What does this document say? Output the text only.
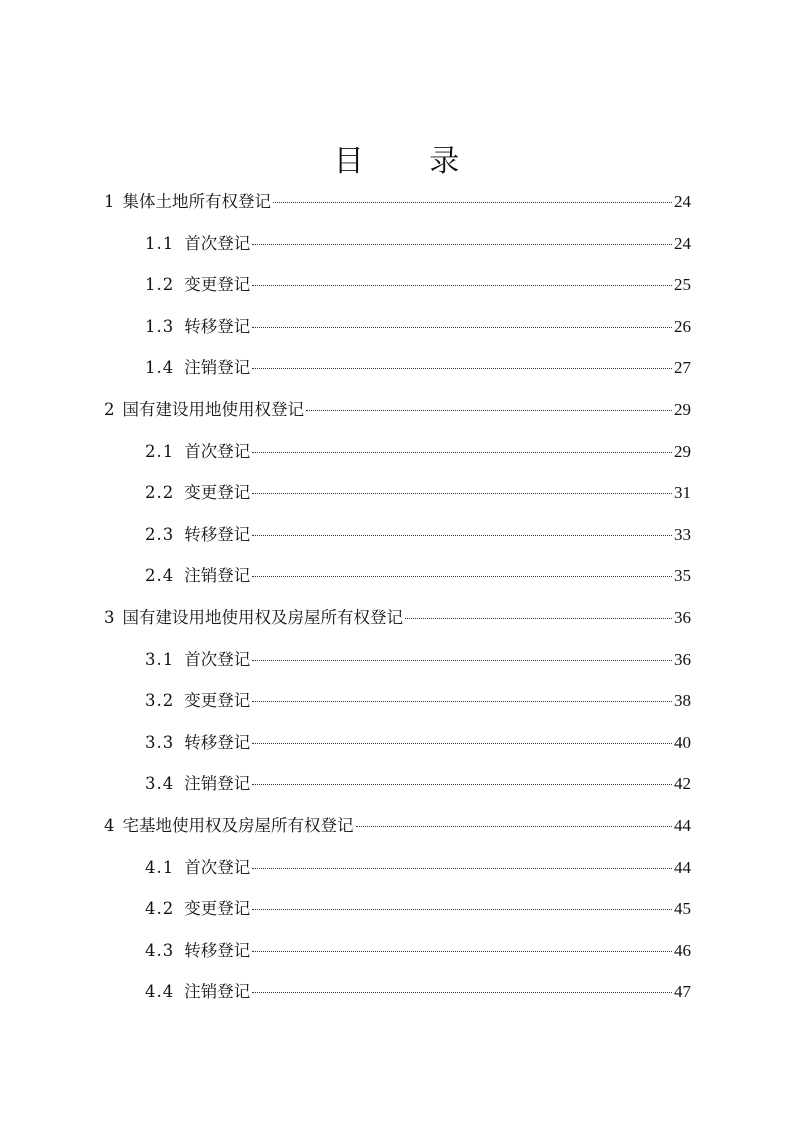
目 录
1 集体土地所有权登记	24
1.1 首次登记	24
1.2 变更登记	25
1.3 转移登记	26
1.4 注销登记	27
2 国有建设用地使用权登记	29
2.1 首次登记	29
2.2 变更登记	31
2.3 转移登记	33
2.4 注销登记	35
3 国有建设用地使用权及房屋所有权登记	36
3.1 首次登记	36
3.2 变更登记	38
3.3 转移登记	40
3.4 注销登记	42
4 宅基地使用权及房屋所有权登记	44
4.1 首次登记	44
4.2 变更登记	45
4.3 转移登记	46
4.4 注销登记	47
